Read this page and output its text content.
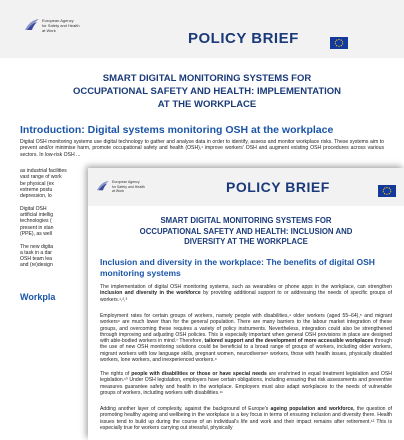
European Agency
for Safety and Health
at Work	POLICY BRIEF
SMART DIGITAL MONITORING SYSTEMS FOR
OCCUPATIONAL SAFETY AND HEALTH: IMPLEMENTATION
AT THE WORKPLACE
Introduction: Digital systems monitoring OSH at the workplace
Digital OSH monitoring systems use digital technology to gather and analyse data in order to identify, assess and monitor workplace risks. These systems aim to prevent and/or minimise harm, promote occupational safety and health (OSH),¹ improve workers' OSH and augment existing OSH procedures across various sectors. In low-risk OSH ...
as industrial facilities
vast range of work
be physical (ex
extreme postu
depression, lo

Digital OSH
artificial intellig
technologies (
present in stan
(PPE), as well

The new digita
a task in a dar
OSH team lea
and (re)design
Workpla
European Agency
for Safety and Health
at Work	POLICY BRIEF
SMART DIGITAL MONITORING SYSTEMS FOR
OCCUPATIONAL SAFETY AND HEALTH: INCLUSION AND
DIVERSITY AT THE WORKPLACE
Inclusion and diversity in the workplace: The benefits of digital OSH monitoring systems
The implementation of digital OSH monitoring systems, such as wearables or phone apps in the workplace, can strengthen inclusion and diversity in the workforce by providing additional support to or addressing the needs of specific groups of workers.¹,²,³
Employment rates for certain groups of workers, namely people with disabilities,⁴ older workers (aged 55–64),⁵ and migrant workers⁶ are much lower than for the general population. There are many barriers to the labour market integration of these groups, and overcoming these requires a variety of policy instruments. Nevertheless, integration could also be strengthened through improving and adjusting OSH policies. This is especially important when general OSH provisions in place are designed with able-bodied workers in mind.⁷ Therefore, tailored support and the development of more accessible workplaces through the use of new OSH monitoring solutions could be beneficial to a broad range of groups of workers, including older workers, migrant workers with low language skills, pregnant women, neurodiverse⁸ workers, those with health issues, physically disabled workers, lone workers, and inexperienced workers.⁹
The rights of people with disabilities or those or have special needs are enshrined in equal treatment legislation and OSH legislation.¹⁰ Under OSH legislation, employers have certain obligations, including ensuring that risk assessments and preventive measures guarantee safety and health in the workplace. Employers must also adapt workplaces to the needs of vulnerable groups of workers, including workers with disabilities.¹¹
Adding another layer of complexity, against the background of Europe's ageing population and workforce, the question of promoting healthy ageing and wellbeing in the workplace is a key focus in terms of ensuring inclusion and diversity there. Health issues tend to build up during the course of an individual's life and work and their impact remains after retirement.¹² This is especially true for workers carrying out stressful, physically
